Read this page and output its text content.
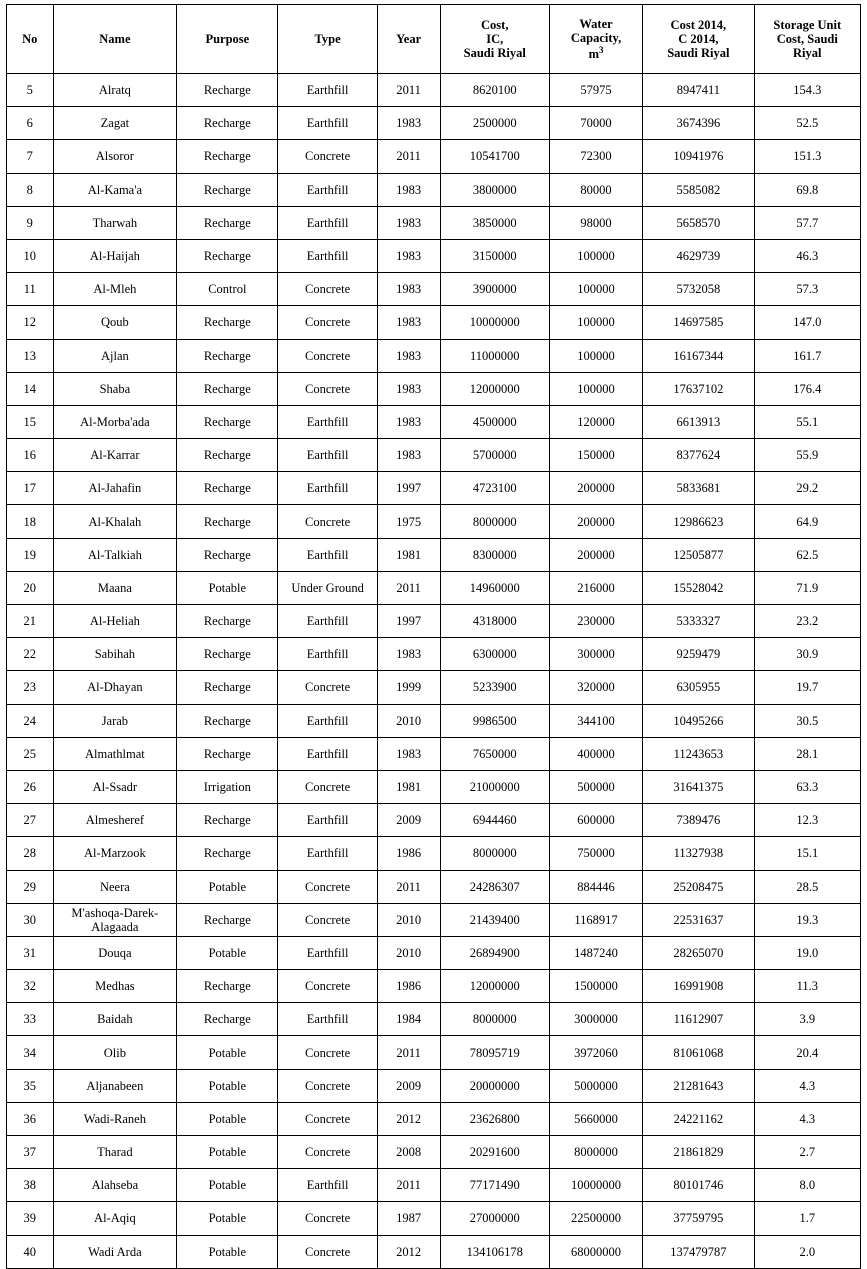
No	Name	Purpose	Type	Year	Cost,
IC,
Saudi Riyal	Water
Capacity,
$m^3$	Cost 2014,
C 2014,
Saudi Riyal	Storage Unit
Cost, Saudi
Riyal

5	Alratq	Recharge	Earthfill	2011	8620100	57975	8947411	154.3
6	Zagat	Recharge	Earthfill	1983	2500000	70000	3674396	52.5
7	Alsoror	Recharge	Concrete	2011	10541700	72300	10941976	151.3
8	Al-Kama'a	Recharge	Earthfill	1983	3800000	80000	5585082	69.8
9	Tharwah	Recharge	Earthfill	1983	3850000	98000	5658570	57.7
10	Al-Haijah	Recharge	Earthfill	1983	3150000	100000	4629739	46.3
11	Al-Mleh	Control	Concrete	1983	3900000	100000	5732058	57.3
12	Qoub	Recharge	Concrete	1983	10000000	100000	14697585	147.0
13	Ajlan	Recharge	Concrete	1983	11000000	100000	16167344	161.7
14	Shaba	Recharge	Concrete	1983	12000000	100000	17637102	176.4
15	Al-Morba'ada	Recharge	Earthfill	1983	4500000	120000	6613913	55.1
16	Al-Karrar	Recharge	Earthfill	1983	5700000	150000	8377624	55.9
17	Al-Jahafin	Recharge	Earthfill	1997	4723100	200000	5833681	29.2
18	Al-Khalah	Recharge	Concrete	1975	8000000	200000	12986623	64.9
19	Al-Talkiah	Recharge	Earthfill	1981	8300000	200000	12505877	62.5
20	Maana	Potable	Under Ground	2011	14960000	216000	15528042	71.9
21	Al-Heliah	Recharge	Earthfill	1997	4318000	230000	5333327	23.2
22	Sabihah	Recharge	Earthfill	1983	6300000	300000	9259479	30.9
23	Al-Dhayan	Recharge	Concrete	1999	5233900	320000	6305955	19.7
24	Jarab	Recharge	Earthfill	2010	9986500	344100	10495266	30.5
25	Almathlmat	Recharge	Earthfill	1983	7650000	400000	11243653	28.1
26	Al-Ssadr	Irrigation	Concrete	1981	21000000	500000	31641375	63.3
27	Almesheref	Recharge	Earthfill	2009	6944460	600000	7389476	12.3
28	Al-Marzook	Recharge	Earthfill	1986	8000000	750000	11327938	15.1
29	Neera	Potable	Concrete	2011	24286307	884446	25208475	28.5
30	M'ashoqa-Darek-Alagaada	Recharge	Concrete	2010	21439400	1168917	22531637	19.3
31	Douqa	Potable	Earthfill	2010	26894900	1487240	28265070	19.0
32	Medhas	Recharge	Concrete	1986	12000000	1500000	16991908	11.3
33	Baidah	Recharge	Earthfill	1984	8000000	3000000	11612907	3.9
34	Olib	Potable	Concrete	2011	78095719	3972060	81061068	20.4
35	Aljanabeen	Potable	Concrete	2009	20000000	5000000	21281643	4.3
36	Wadi-Raneh	Potable	Concrete	2012	23626800	5660000	24221162	4.3
37	Tharad	Potable	Concrete	2008	20291600	8000000	21861829	2.7
38	Alahseba	Potable	Earthfill	2011	77171490	10000000	80101746	8.0
39	Al-Aqiq	Potable	Concrete	1987	27000000	22500000	37759795	1.7
40	Wadi Arda	Potable	Concrete	2012	134106178	68000000	137479787	2.0
